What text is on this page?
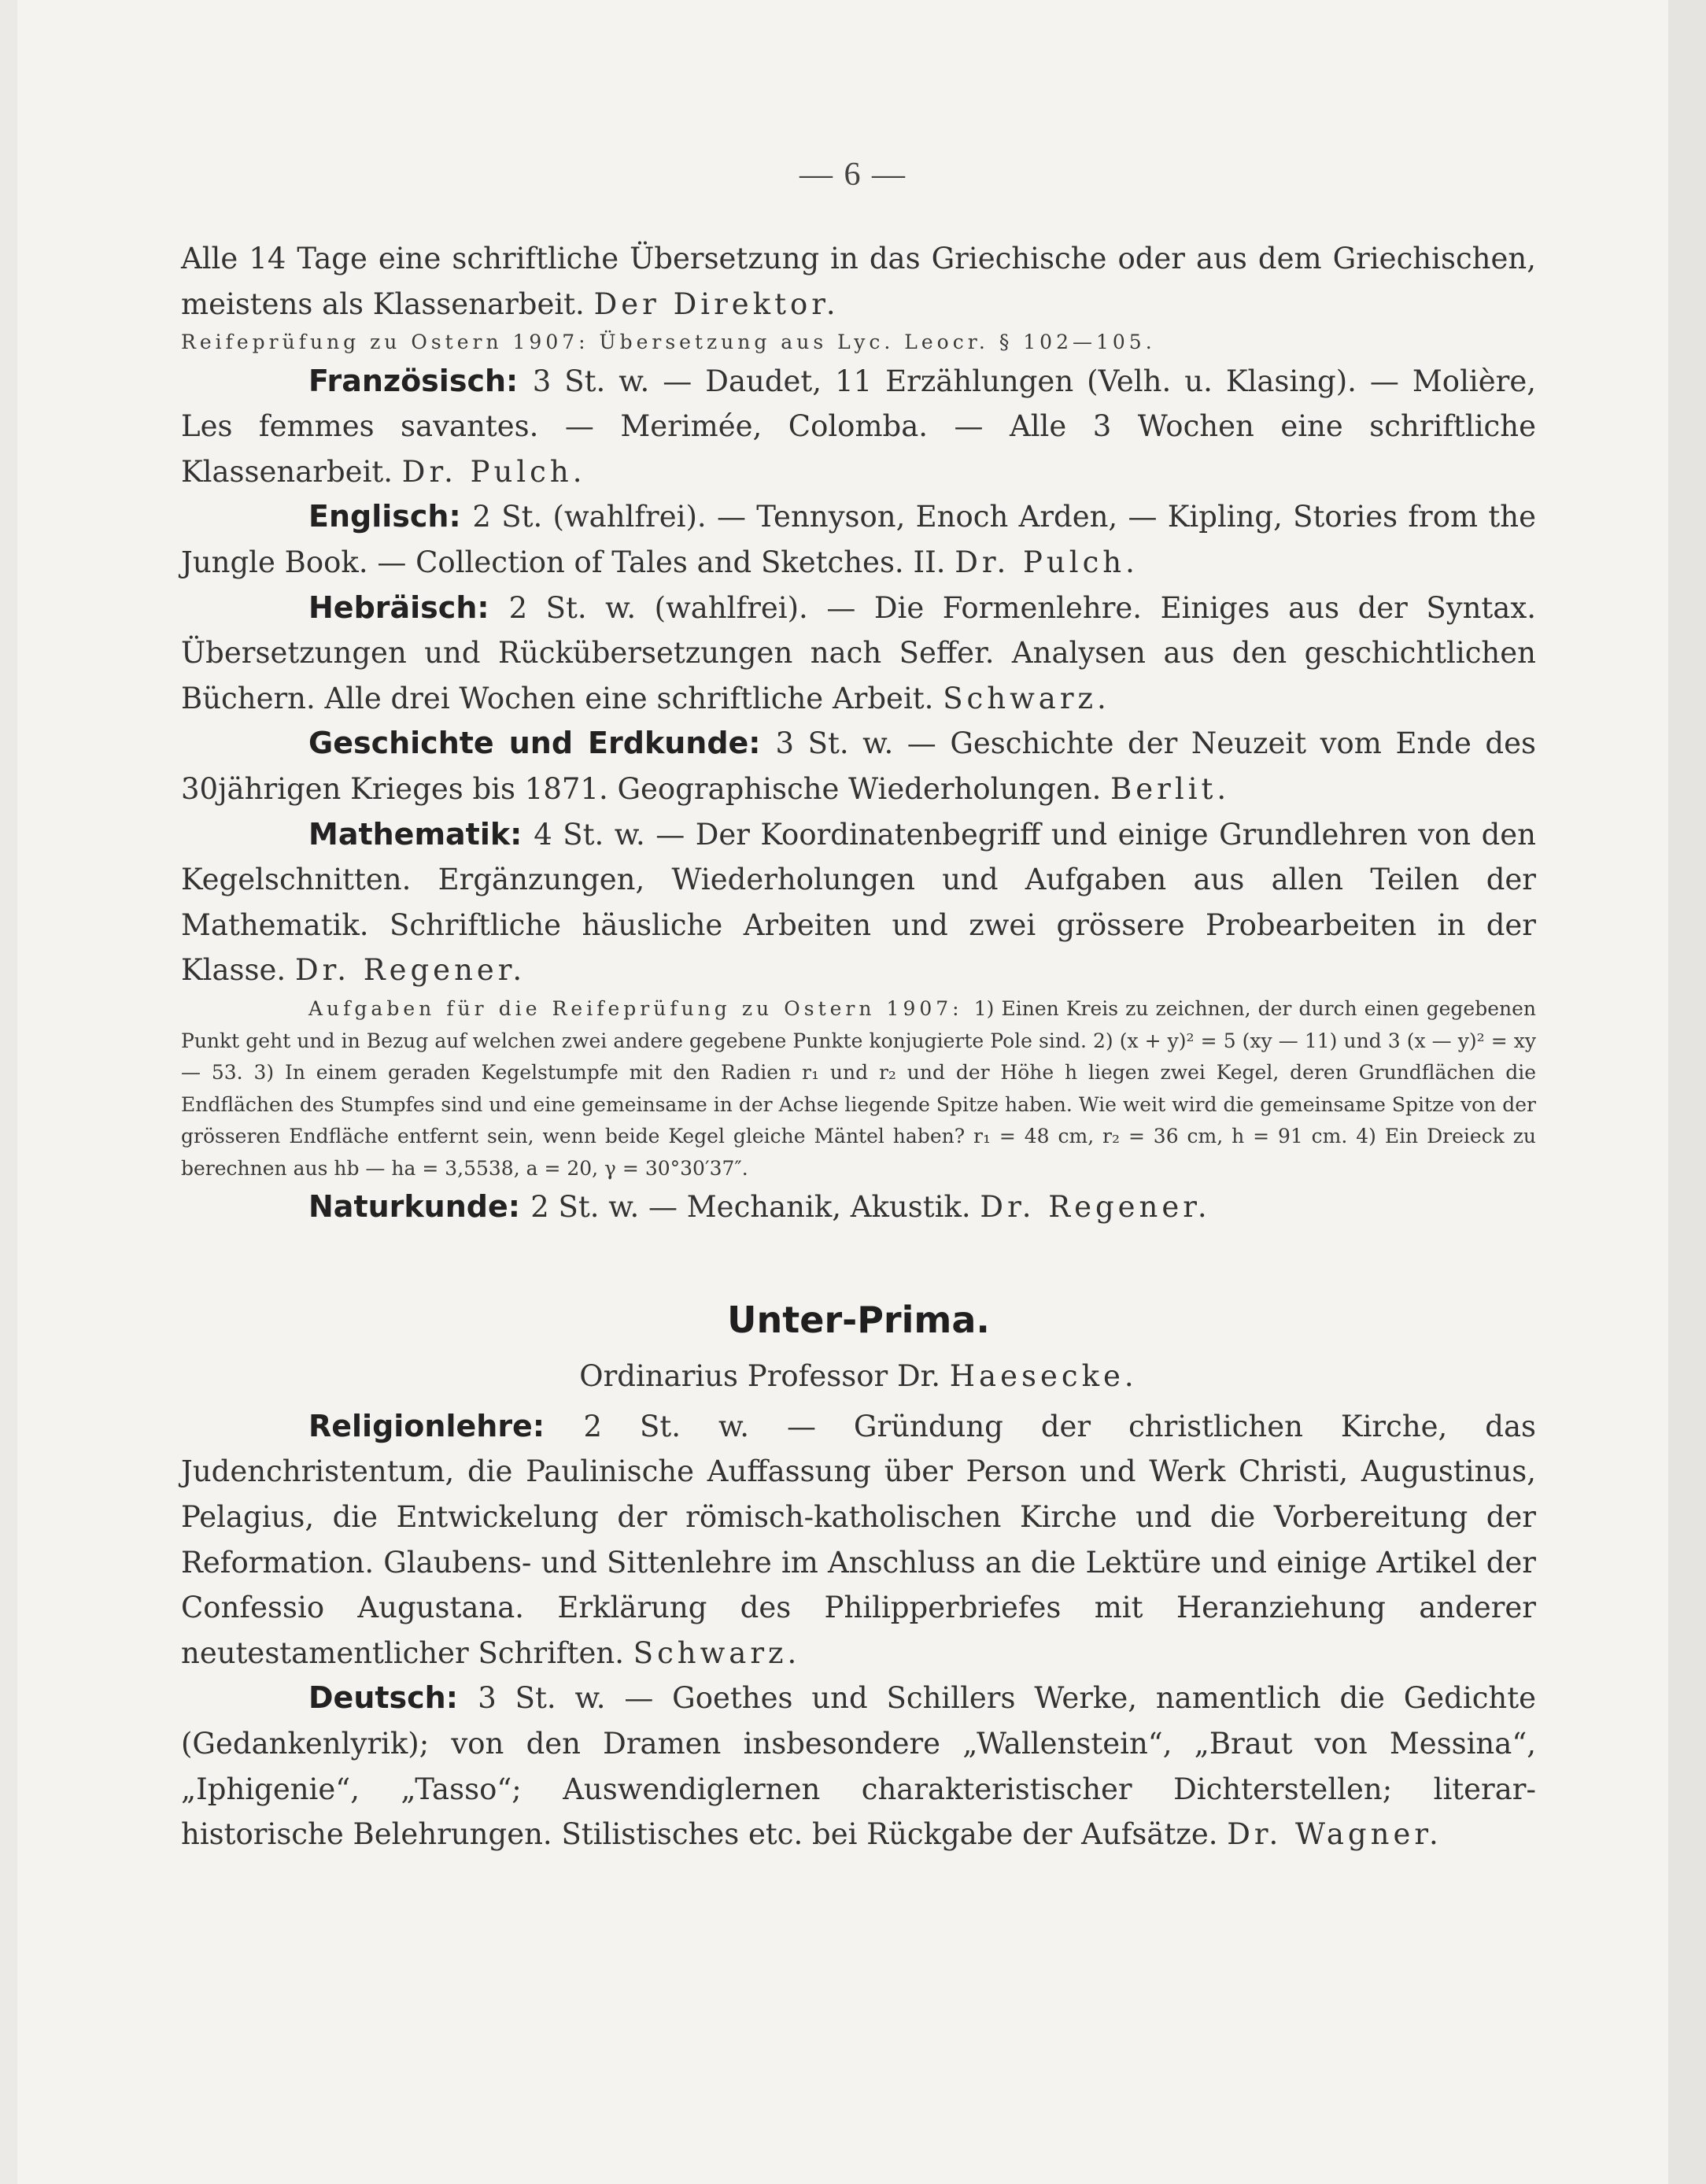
— 6 —

Alle 14 Tage eine schriftliche Übersetzung in das Griechische oder aus dem Griechischen, meistens als Klassenarbeit. Der Direktor.

Reifeprüfung zu Ostern 1907: Übersetzung aus Lyc. Leocr. § 102—105.

Französisch: 3 St. w. — Daudet, 11 Erzählungen (Velh. u. Klasing). — Molière, Les femmes savantes. — Merimée, Colomba. — Alle 3 Wochen eine schriftliche Klassenarbeit. Dr. Pulch.

Englisch: 2 St. (wahlfrei). — Tennyson, Enoch Arden, — Kipling, Stories from the Jungle Book. — Collection of Tales and Sketches. II. Dr. Pulch.

Hebräisch: 2 St. w. (wahlfrei). — Die Formenlehre. Einiges aus der Syntax. Übersetzungen und Rückübersetzungen nach Seffer. Analysen aus den geschichtlichen Büchern. Alle drei Wochen eine schriftliche Arbeit. Schwarz.

Geschichte und Erdkunde: 3 St. w. — Geschichte der Neuzeit vom Ende des 30jährigen Krieges bis 1871. Geographische Wiederholungen. Berlit.

Mathematik: 4 St. w. — Der Koordinatenbegriff und einige Grundlehren von den Kegelschnitten. Ergänzungen, Wiederholungen und Aufgaben aus allen Teilen der Mathematik. Schriftliche häusliche Arbeiten und zwei grössere Probearbeiten in der Klasse. Dr. Regener.

Aufgaben für die Reifeprüfung zu Ostern 1907: 1) Einen Kreis zu zeichnen, der durch einen gegebenen Punkt geht und in Bezug auf welchen zwei andere gegebene Punkte konjugierte Pole sind. 2) (x + y)² = 5 (xy — 11) und 3 (x — y)² = xy — 53. 3) In einem geraden Kegelstumpfe mit den Radien r₁ und r₂ und der Höhe h liegen zwei Kegel, deren Grundflächen die Endflächen des Stumpfes sind und eine gemeinsame in der Achse liegende Spitze haben. Wie weit wird die gemeinsame Spitze von der grösseren Endfläche entfernt sein, wenn beide Kegel gleiche Mäntel haben? r₁ = 48 cm, r₂ = 36 cm, h = 91 cm. 4) Ein Dreieck zu berechnen aus hb — ha = 3,5538, a = 20, γ = 30°30′37″.

Naturkunde: 2 St. w. — Mechanik, Akustik. Dr. Regener.

Unter-Prima.

Ordinarius Professor Dr. Haesecke.

Religionlehre: 2 St. w. — Gründung der christlichen Kirche, das Judenchristentum, die Paulinische Auffassung über Person und Werk Christi, Augustinus, Pelagius, die Entwickelung der römisch-katholischen Kirche und die Vorbereitung der Reformation. Glaubens- und Sittenlehre im Anschluss an die Lektüre und einige Artikel der Confessio Augustana. Erklärung des Philipperbriefes mit Heranziehung anderer neutestamentlicher Schriften. Schwarz.

Deutsch: 3 St. w. — Goethes und Schillers Werke, namentlich die Gedichte (Gedankenlyrik); von den Dramen insbesondere „Wallenstein“, „Braut von Messina“, „Iphigenie“, „Tasso“; Auswendiglernen charakteristischer Dichterstellen; literar-historische Belehrungen. Stilistisches etc. bei Rückgabe der Aufsätze. Dr. Wagner.
